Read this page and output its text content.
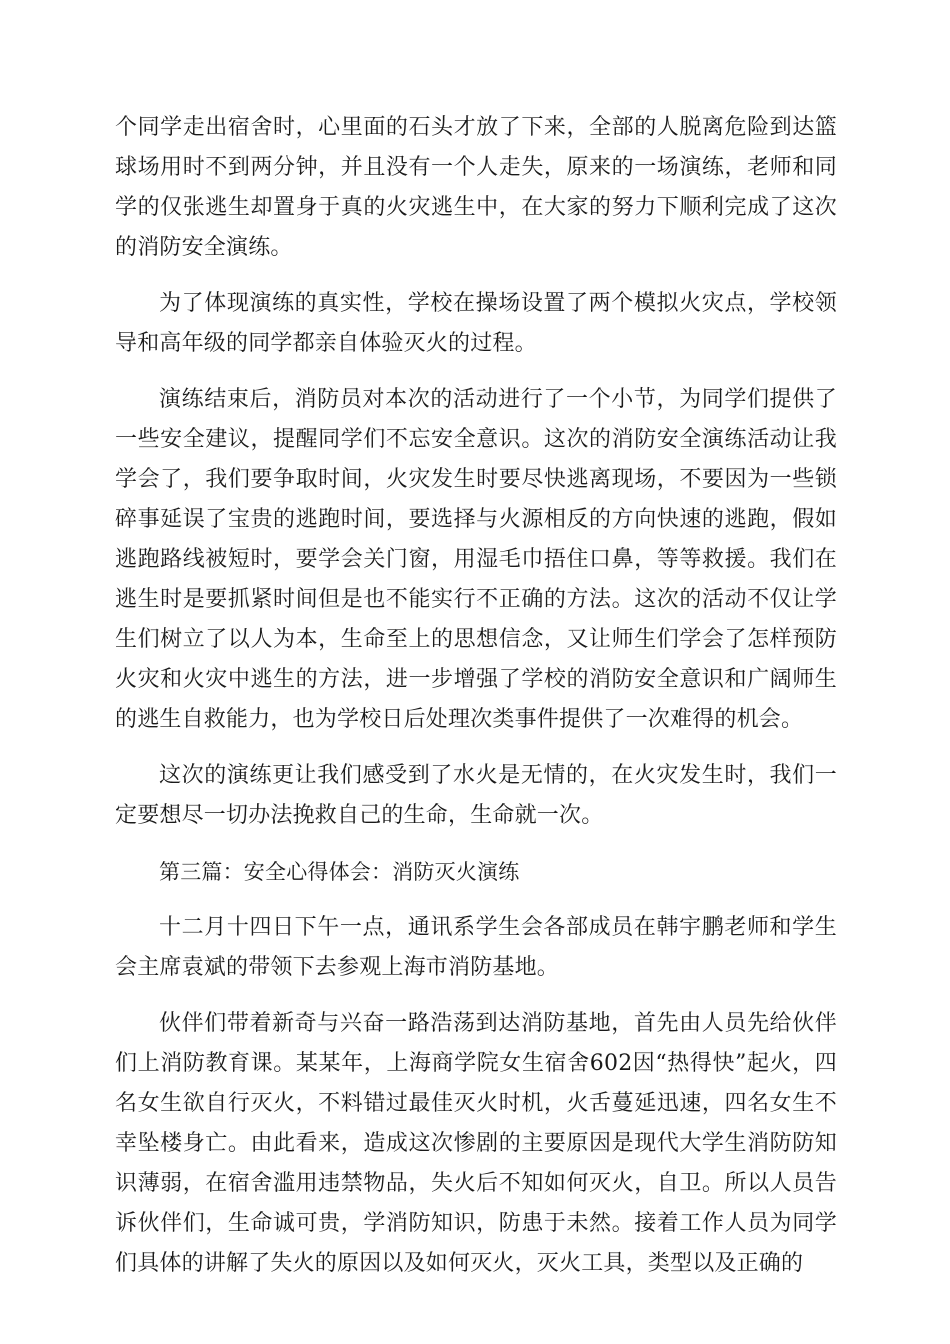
个同学走出宿舍时，心里面的石头才放了下来，全部的人脱离危险到达篮球场用时不到两分钟，并且没有一个人走失，原来的一场演练，老师和同学的仅张逃生却置身于真的火灾逃生中，在大家的努力下顺利完成了这次的消防安全演练。

为了体现演练的真实性，学校在操场设置了两个模拟火灾点，学校领导和高年级的同学都亲自体验灭火的过程。

演练结束后，消防员对本次的活动进行了一个小节，为同学们提供了一些安全建议，提醒同学们不忘安全意识。这次的消防安全演练活动让我学会了，我们要争取时间，火灾发生时要尽快逃离现场，不要因为一些锁碎事延误了宝贵的逃跑时间，要选择与火源相反的方向快速的逃跑，假如逃跑路线被短时，要学会关门窗，用湿毛巾捂住口鼻，等等救援。我们在逃生时是要抓紧时间但是也不能实行不正确的方法。这次的活动不仅让学生们树立了以人为本，生命至上的思想信念，又让师生们学会了怎样预防火灾和火灾中逃生的方法，进一步增强了学校的消防安全意识和广阔师生的逃生自救能力，也为学校日后处理次类事件提供了一次难得的机会。

这次的演练更让我们感受到了水火是无情的，在火灾发生时，我们一定要想尽一切办法挽救自己的生命，生命就一次。

第三篇：安全心得体会：消防灭火演练

十二月十四日下午一点，通讯系学生会各部成员在韩宇鹏老师和学生会主席袁斌的带领下去参观上海市消防基地。

伙伴们带着新奇与兴奋一路浩荡到达消防基地，首先由人员先给伙伴们上消防教育课。某某年，上海商学院女生宿舍602因“热得快”起火，四名女生欲自行灭火，不料错过最佳灭火时机，火舌蔓延迅速，四名女生不幸坠楼身亡。由此看来，造成这次惨剧的主要原因是现代大学生消防防知识薄弱，在宿舍滥用违禁物品，失火后不知如何灭火，自卫。所以人员告诉伙伴们，生命诚可贵，学消防知识，防患于未然。接着工作人员为同学们具体的讲解了失火的原因以及如何灭火，灭火工具，类型以及正确的
